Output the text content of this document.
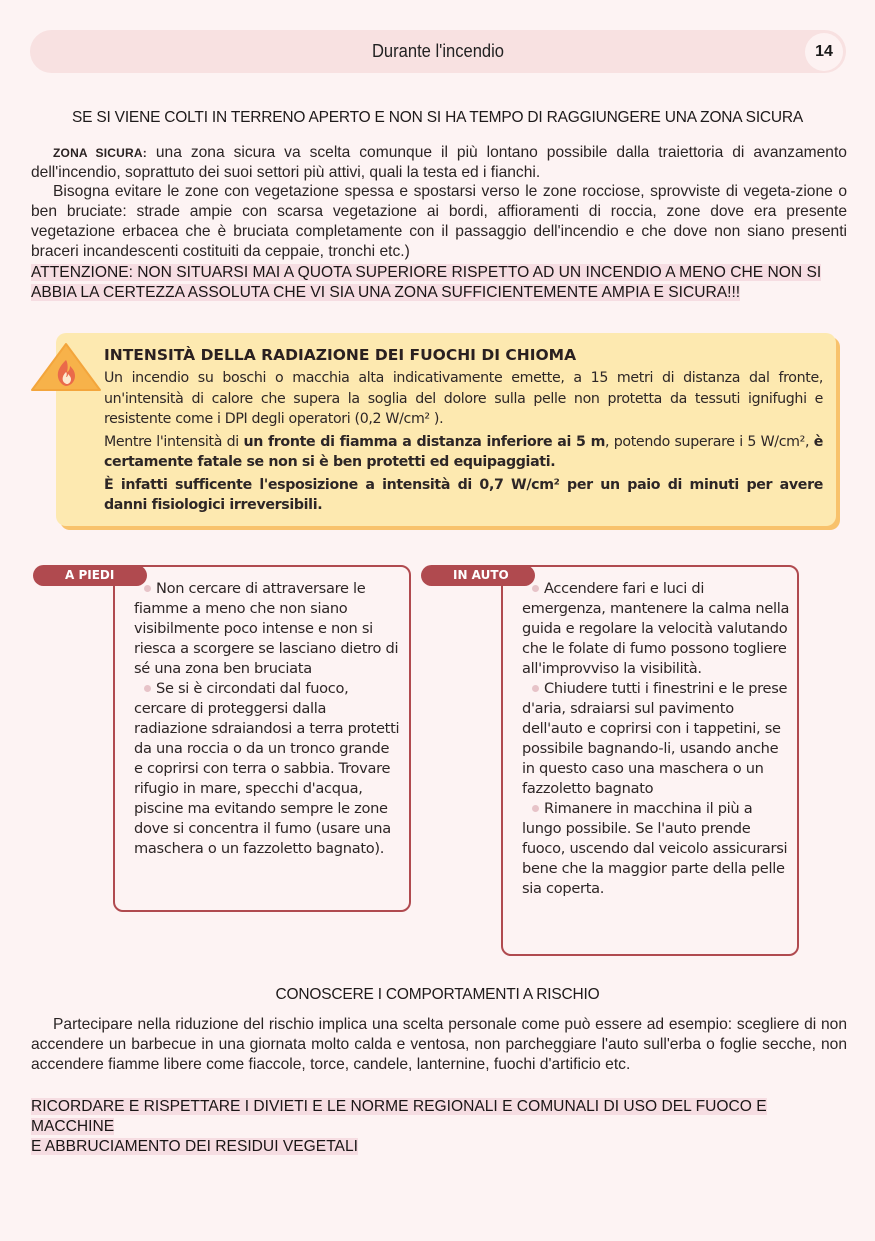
Durante l'incendio	14
SE SI VIENE COLTI IN TERRENO APERTO E NON SI HA TEMPO DI RAGGIUNGERE UNA ZONA SICURA
ZONA SICURA: una zona sicura va scelta comunque il più lontano possibile dalla traiettoria di avanzamento dell'incendio, soprattuto dei suoi settori più attivi, quali la testa ed i fianchi.
Bisogna evitare le zone con vegetazione spessa e spostarsi verso le zone rocciose, sprovviste di vegeta-zione o ben bruciate: strade ampie con scarsa vegetazione ai bordi, affioramenti di roccia, zone dove era presente vegetazione erbacea che è bruciata completamente con il passaggio dell'incendio e che dove non siano presenti braceri incandescenti costituiti da ceppaie, tronchi etc.)
ATTENZIONE: NON SITUARSI MAI A QUOTA SUPERIORE RISPETTO AD UN INCENDIO A MENO CHE NON SI
ABBIA LA CERTEZZA ASSOLUTA CHE VI SIA UNA ZONA SUFFICIENTEMENTE AMPIA E SICURA!!!
INTENSITÀ DELLA RADIAZIONE DEI FUOCHI DI CHIOMA
Un incendio su boschi o macchia alta indicativamente emette, a 15 metri di distanza dal fronte, un'intensità di calore che supera la soglia del dolore sulla pelle non protetta da tessuti ignifughi e resistente come i DPI degli operatori (0,2 W/cm² ).
Mentre l'intensità di un fronte di fiamma a distanza inferiore ai 5 m, potendo superare i 5 W/cm², è certamente fatale se non si è ben protetti ed equipaggiati.
È infatti sufficente l'esposizione a intensità di 0,7 W/cm² per un paio di minuti per avere danni fisiologici irreversibili.
A PIEDI
Non cercare di attraversare le fiamme a meno che non siano visibilmente poco intense e non si riesca a scorgere se lasciano dietro di sé una zona ben bruciata
Se si è circondati dal fuoco, cercare di proteggersi dalla radiazione sdraiandosi a terra protetti da una roccia o da un tronco grande e coprirsi con terra o sabbia. Trovare rifugio in mare, specchi d'acqua, piscine ma evitando sempre le zone dove si concentra il fumo (usare una maschera o un fazzoletto bagnato).
IN AUTO
Accendere fari e luci di emergenza, mantenere la calma nella guida e regolare la velocità valutando che le folate di fumo possono togliere all'improvviso la visibilità.
Chiudere tutti i finestrini e le prese d'aria, sdraiarsi sul pavimento dell'auto e coprirsi con i tappetini, se possibile bagnando-li, usando anche in questo caso una maschera o un fazzoletto bagnato
Rimanere in macchina il più a lungo possibile. Se l'auto prende fuoco, uscendo dal veicolo assicurarsi bene che la maggior parte della pelle sia coperta.
CONOSCERE I COMPORTAMENTI A RISCHIO
Partecipare nella riduzione del rischio implica una scelta personale come può essere ad esempio: scegliere di non accendere un barbecue in una giornata molto calda e ventosa, non parcheggiare l'auto sull'erba o foglie secche, non accendere fiamme libere come fiaccole, torce, candele, lanternine, fuochi d'artificio etc.
RICORDARE E RISPETTARE I DIVIETI E LE NORME REGIONALI E COMUNALI DI USO DEL FUOCO E MACCHINE
E ABBRUCIAMENTO DEI RESIDUI VEGETALI
